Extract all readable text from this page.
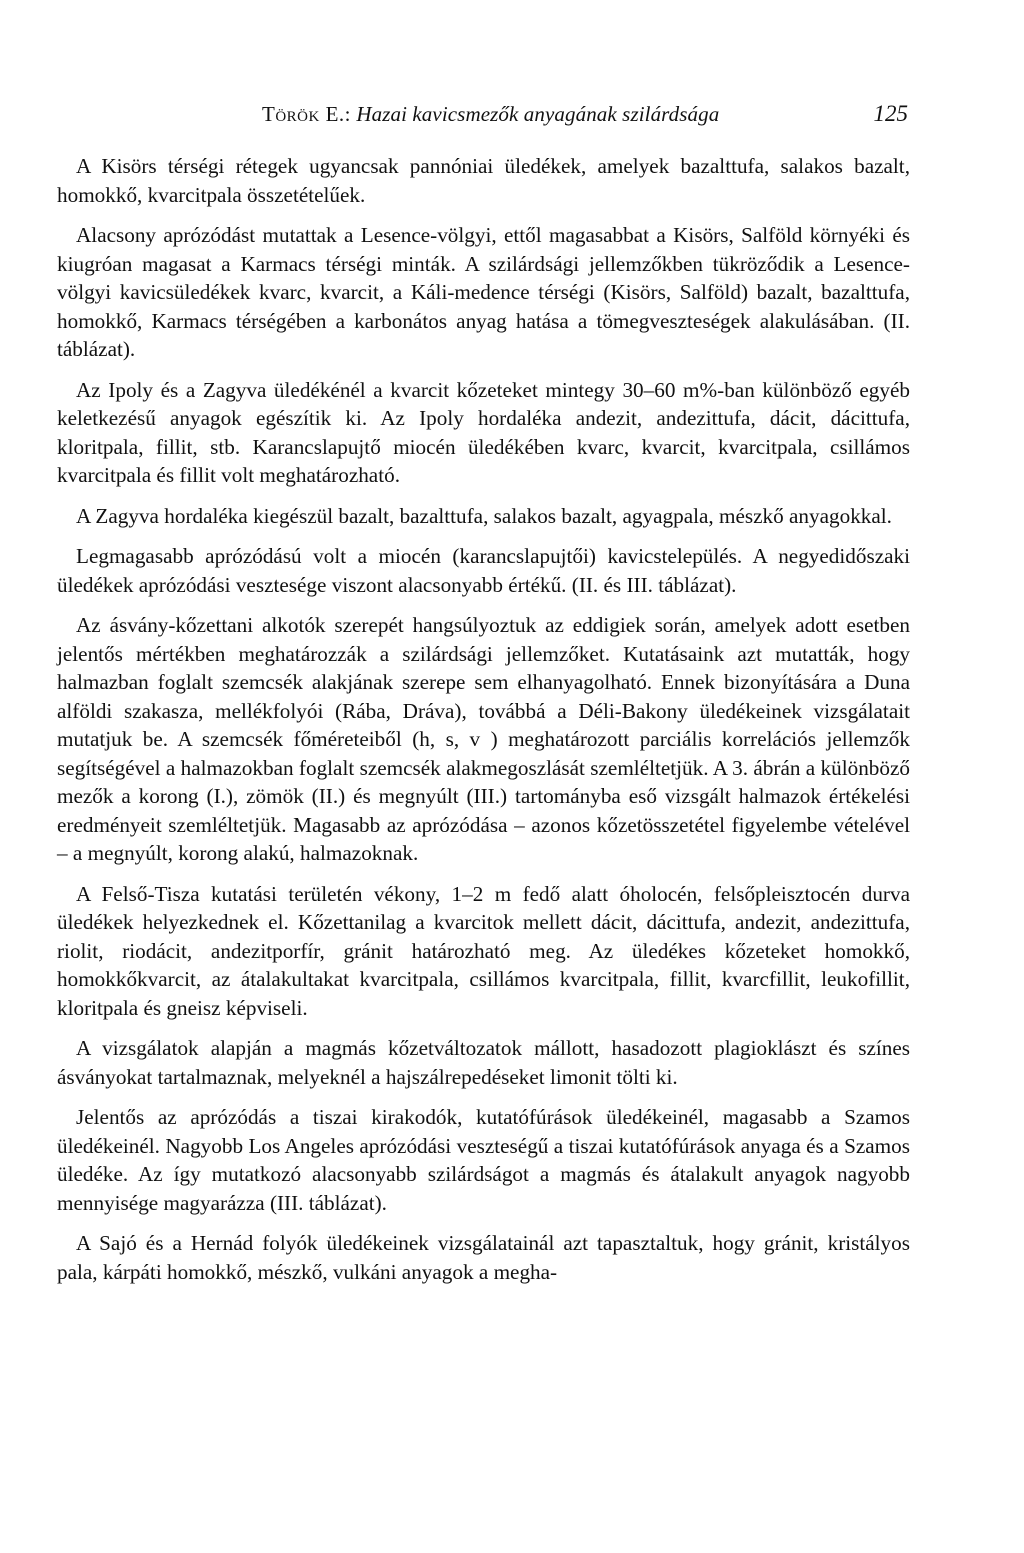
Török E.: Hazai kavicsmezők anyagának szilárdsága	125

A Kisörs térségi rétegek ugyancsak pannóniai üledékek, amelyek bazalttufa, salakos bazalt, homokkő, kvarcitpala összetételűek.

Alacsony aprózódást mutattak a Lesence-völgyi, ettől magasabbat a Kisörs, Salföld környéki és kiugróan magasat a Karmacs térségi minták. A szilárdsági jellemzőkben tükröződik a Lesence-völgyi kavicsüledékek kvarc, kvarcit, a Káli-medence térségi (Kisörs, Salföld) bazalt, bazalttufa, homokkő, Karmacs térségében a karbonátos anyag hatása a tömegveszteségek alakulásában. (II. táblázat).

Az Ipoly és a Zagyva üledékénél a kvarcit kőzeteket mintegy 30–60 m%-ban különböző egyéb keletkezésű anyagok egészítik ki. Az Ipoly hordaléka andezit, andezittufa, dácit, dácittufa, kloritpala, fillit, stb. Karancslapujtő miocén üledékében kvarc, kvarcit, kvarcitpala, csillámos kvarcitpala és fillit volt meghatározható.

A Zagyva hordaléka kiegészül bazalt, bazalttufa, salakos bazalt, agyagpala, mészkő anyagokkal.

Legmagasabb aprózódású volt a miocén (karancslapujtői) kavicstelepülés. A negyedidőszaki üledékek aprózódási vesztesége viszont alacsonyabb értékű. (II. és III. táblázat).

Az ásvány-kőzettani alkotók szerepét hangsúlyoztuk az eddigiek során, amelyek adott esetben jelentős mértékben meghatározzák a szilárdsági jellemzőket. Kutatásaink azt mutatták, hogy halmazban foglalt szemcsék alakjának szerepe sem elhanyagolható. Ennek bizonyítására a Duna alföldi szakasza, mellékfolyói (Rába, Dráva), továbbá a Déli-Bakony üledékeinek vizsgálatait mutatjuk be. A szemcsék főméreteiből (h, s, v ) meghatározott parciális korrelációs jellemzők segítségével a halmazokban foglalt szemcsék alakmegoszlását szemléltetjük. A 3. ábrán a különböző mezők a korong (I.), zömök (II.) és megnyúlt (III.) tartományba eső vizsgált halmazok értékelési eredményeit szemléltetjük. Magasabb az aprózódása – azonos kőzetösszetétel figyelembe vételével – a megnyúlt, korong alakú, halmazoknak.

A Felső-Tisza kutatási területén vékony, 1–2 m fedő alatt óholocén, felsőpleisztocén durva üledékek helyezkednek el. Kőzettanilag a kvarcitok mellett dácit, dácittufa, andezit, andezittufa, riolit, riodácit, andezitporfír, gránit határozható meg. Az üledékes kőzeteket homokkő, homokkőkvarcit, az átalakultakat kvarcitpala, csillámos kvarcitpala, fillit, kvarcfillit, leukofillit, kloritpala és gneisz képviseli.

A vizsgálatok alapján a magmás kőzetváltozatok mállott, hasadozott plagioklászt és színes ásványokat tartalmaznak, melyeknél a hajszálrepedéseket limonit tölti ki.

Jelentős az aprózódás a tiszai kirakodók, kutatófúrások üledékeinél, magasabb a Szamos üledékeinél. Nagyobb Los Angeles aprózódási veszteségű a tiszai kutatófúrások anyaga és a Szamos üledéke. Az így mutatkozó alacsonyabb szilárdságot a magmás és átalakult anyagok nagyobb mennyisége magyarázza (III. táblázat).

A Sajó és a Hernád folyók üledékeinek vizsgálatainál azt tapasztaltuk, hogy gránit, kristályos pala, kárpáti homokkő, mészkő, vulkáni anyagok a megha-
